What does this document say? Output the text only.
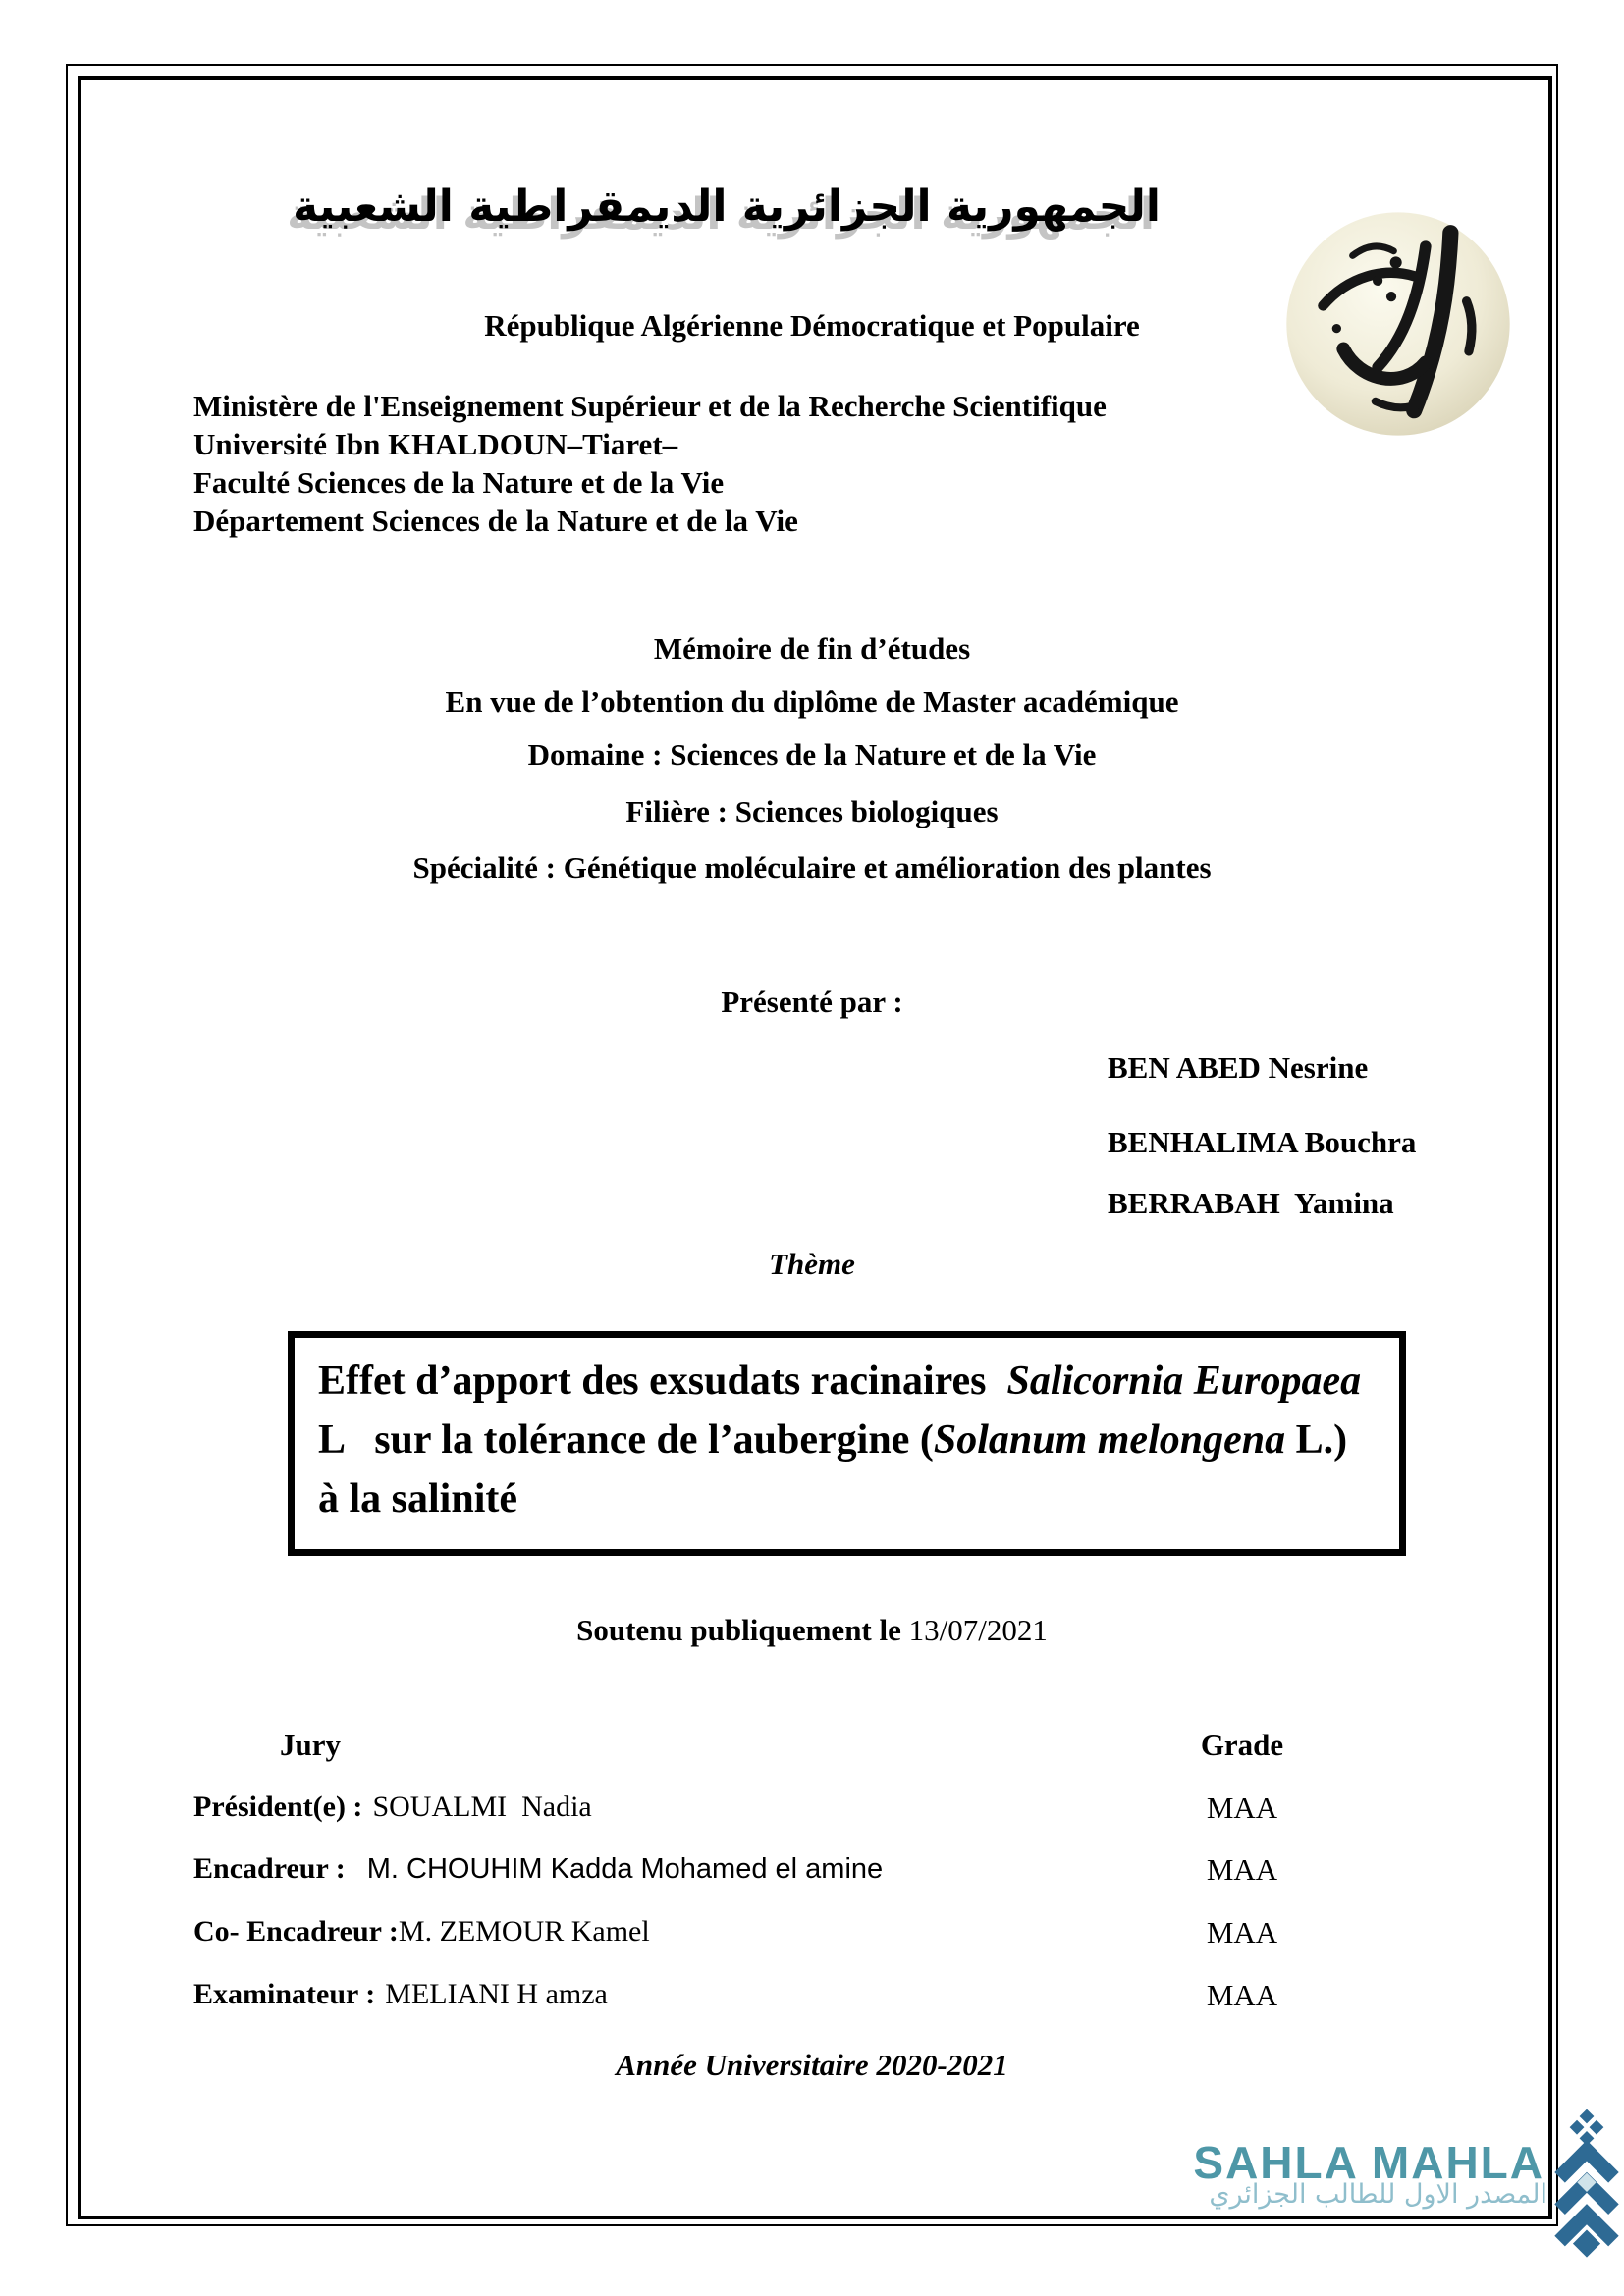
الجمهورية الجزائرية الديمقراطية الشعبية
République Algérienne Démocratique et Populaire
Ministère de l'Enseignement Supérieur et de la Recherche Scientifique
Université Ibn KHALDOUN–Tiaret–
Faculté Sciences de la Nature et de la Vie
Département Sciences de la Nature et de la Vie
Mémoire de fin d’études
En vue de l’obtention du diplôme de Master académique
Domaine : Sciences de la Nature et de la Vie
Filière : Sciences biologiques
Spécialité : Génétique moléculaire et amélioration des plantes
Présenté par :
BEN ABED Nesrine
BENHALIMA Bouchra
BERRABAH  Yamina
Thème
Effet d’apport des exsudats racinaires  Salicornia Europaea L   sur la tolérance de l’aubergine (Solanum melongena L.) à la salinité
Soutenu publiquement le 13/07/2021
Jury	Grade
Président(e) : SOUALMI  Nadia	MAA
Encadreur : M. CHOUHIM Kadda Mohamed el amine	MAA
Co- Encadreur :M. ZEMOUR Kamel	MAA
Examinateur : MELIANI H amza	MAA
Année Universitaire 2020-2021
SAHLA MAHLA
المصدر الاول للطالب الجزائري
